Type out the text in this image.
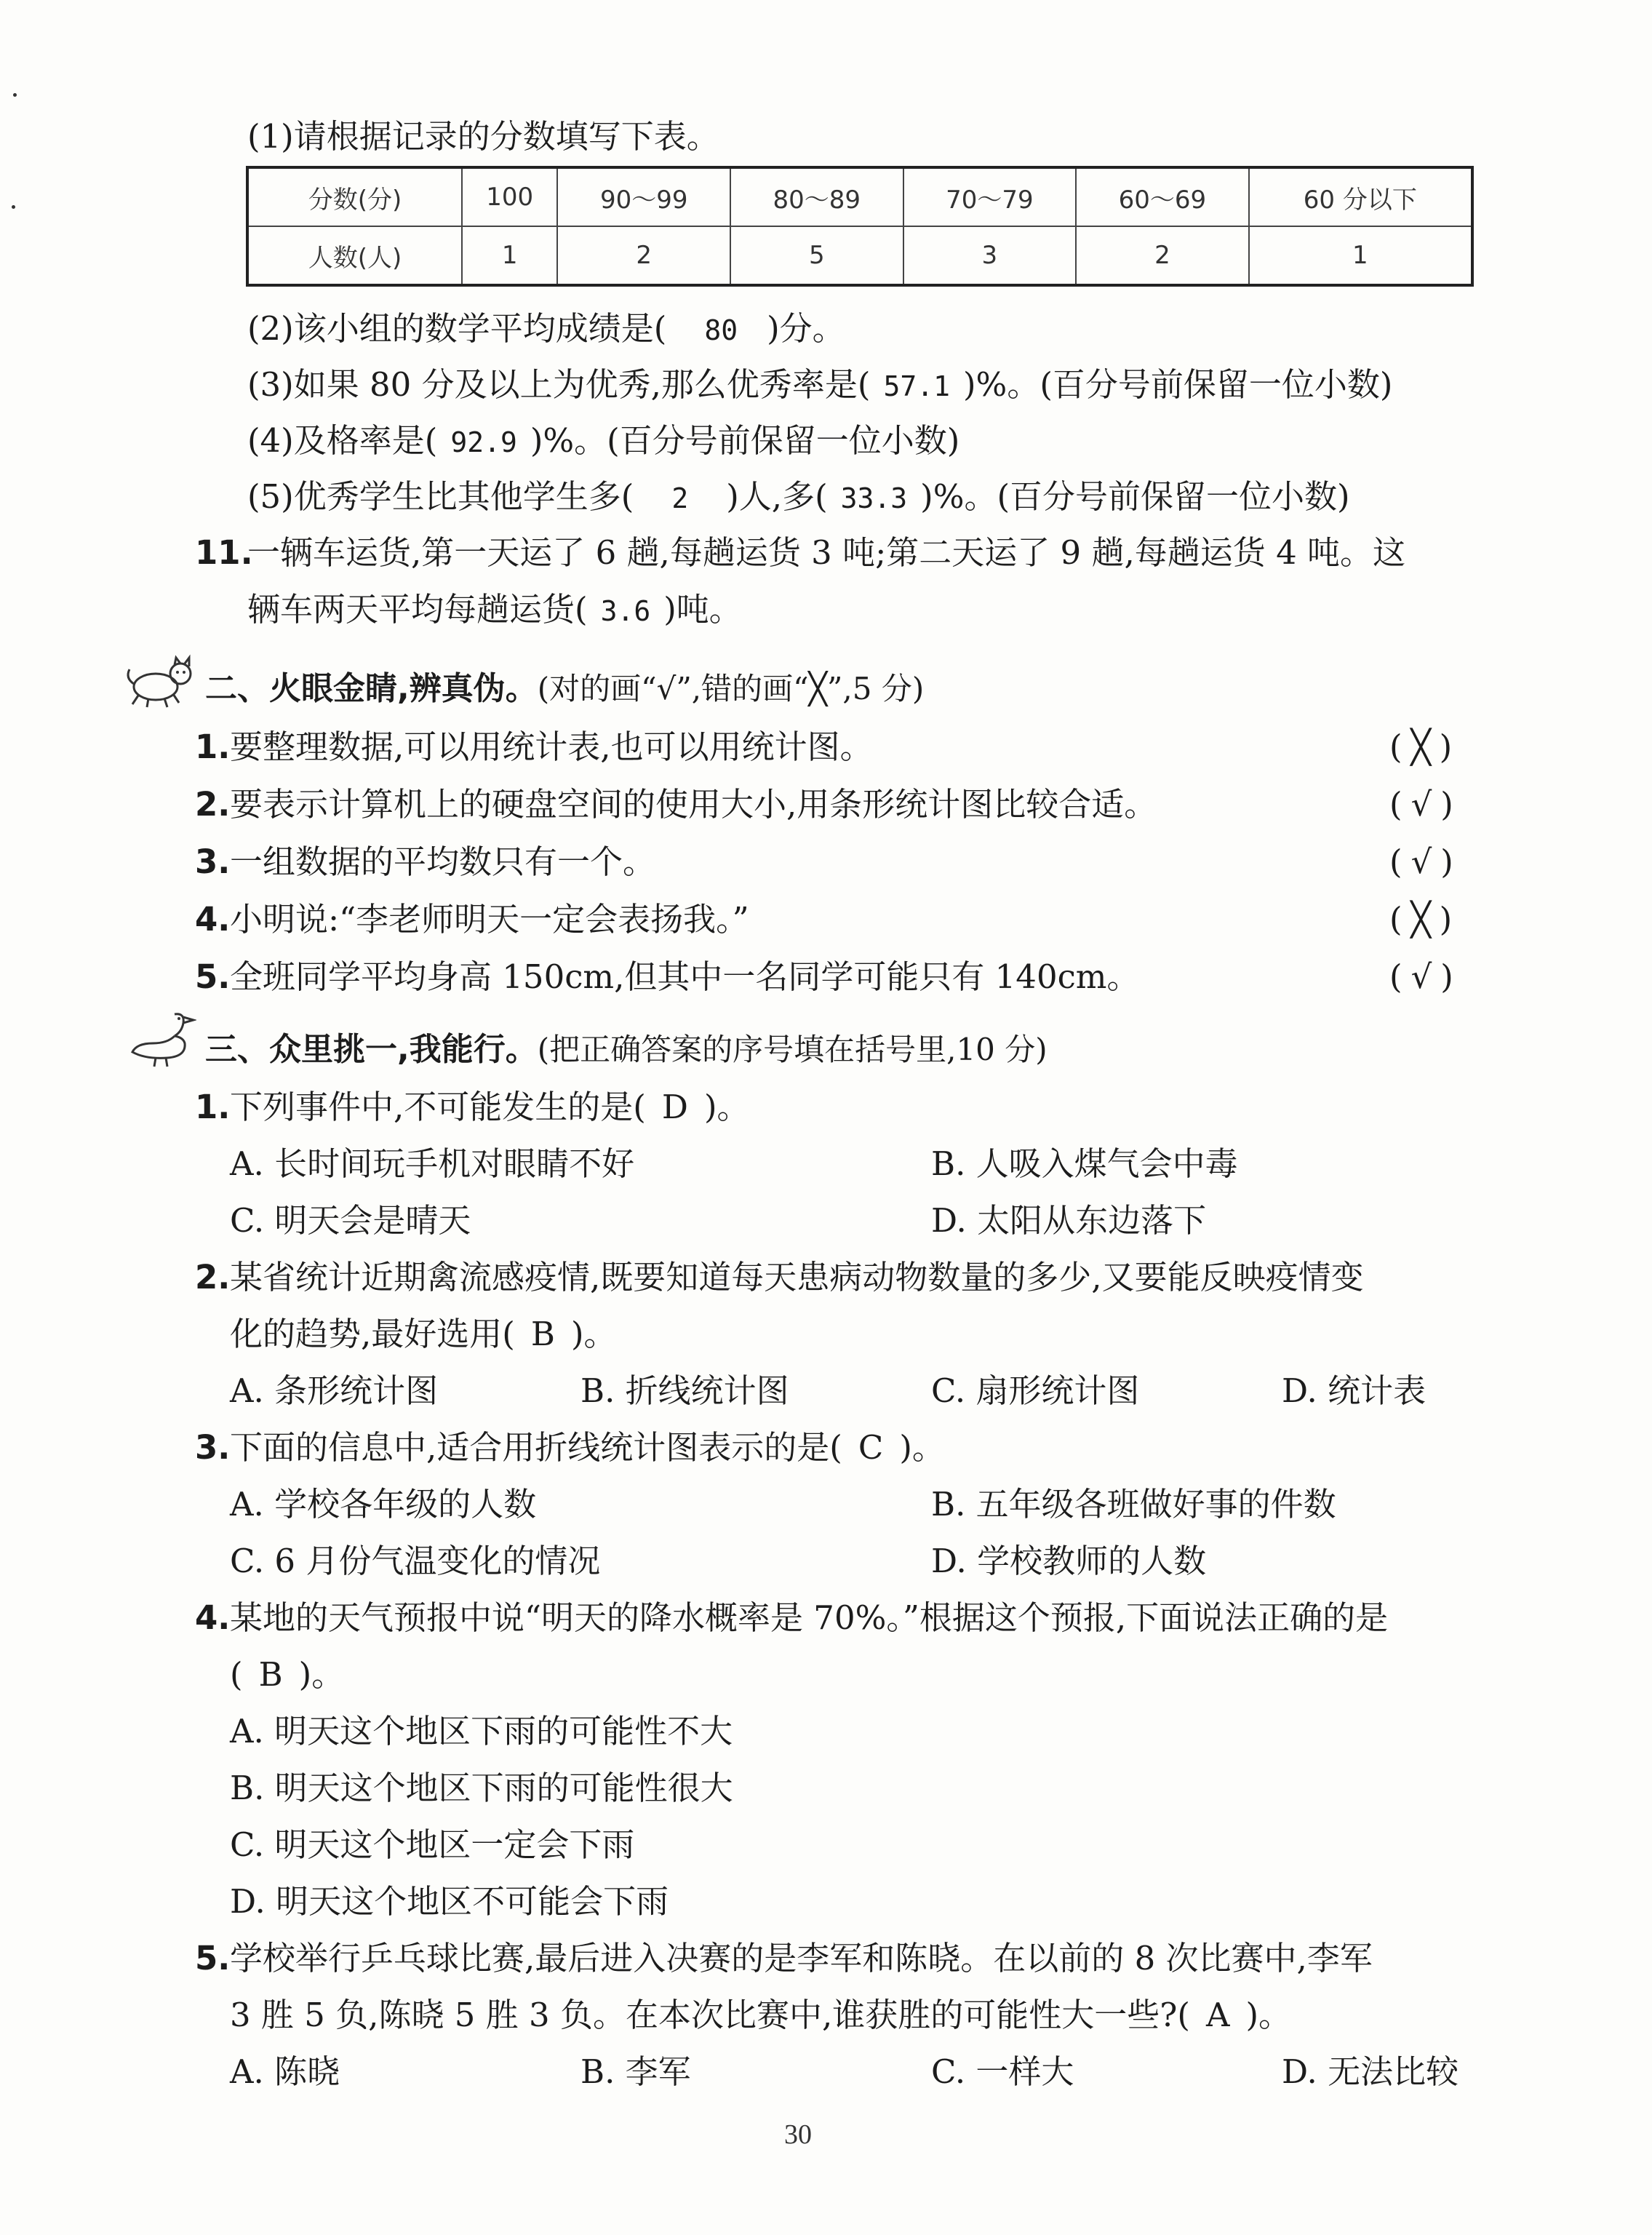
(1)请根据记录的分数填写下表。
分数(分)	100	90～99	80～89	70～79	60～69	60 分以下
人数(人)	1	2	5	3	2	1
(2)该小组的数学平均成绩是( 80 )分。
(3)如果 80 分及以上为优秀,那么优秀率是( 57.1 )%。(百分号前保留一位小数)
(4)及格率是( 92.9 )%。(百分号前保留一位小数)
(5)优秀学生比其他学生多( 2 )人,多( 33.3 )%。(百分号前保留一位小数)
11.
一辆车运货,第一天运了 6 趟,每趟运货 3 吨;第二天运了 9 趟,每趟运货 4 吨。这
辆车两天平均每趟运货( 3.6 )吨。
二、火眼金睛,辨真伪。(对的画“√”,错的画“╳”,5 分)
1. 要整理数据,可以用统计表,也可以用统计图。	( ╳ )
2. 要表示计算机上的硬盘空间的使用大小,用条形统计图比较合适。	( √ )
3. 一组数据的平均数只有一个。	( √ )
4. 小明说:“李老师明天一定会表扬我。”	( ╳ )
5. 全班同学平均身高 150cm,但其中一名同学可能只有 140cm。	( √ )
三、众里挑一,我能行。(把正确答案的序号填在括号里,10 分)
1. 下列事件中,不可能发生的是( D )。
A. 长时间玩手机对眼睛不好	B. 人吸入煤气会中毒
C. 明天会是晴天	D. 太阳从东边落下
2. 某省统计近期禽流感疫情,既要知道每天患病动物数量的多少,又要能反映疫情变
化的趋势,最好选用( B )。
A. 条形统计图	B. 折线统计图	C. 扇形统计图	D. 统计表
3. 下面的信息中,适合用折线统计图表示的是( C )。
A. 学校各年级的人数	B. 五年级各班做好事的件数
C. 6 月份气温变化的情况	D. 学校教师的人数
4. 某地的天气预报中说“明天的降水概率是 70%。”根据这个预报,下面说法正确的是
( B )。
A. 明天这个地区下雨的可能性不大
B. 明天这个地区下雨的可能性很大
C. 明天这个地区一定会下雨
D. 明天这个地区不可能会下雨
5. 学校举行乒乓球比赛,最后进入决赛的是李军和陈晓。在以前的 8 次比赛中,李军
3 胜 5 负,陈晓 5 胜 3 负。在本次比赛中,谁获胜的可能性大一些?( A )。
A. 陈晓	B. 李军	C. 一样大	D. 无法比较
30
